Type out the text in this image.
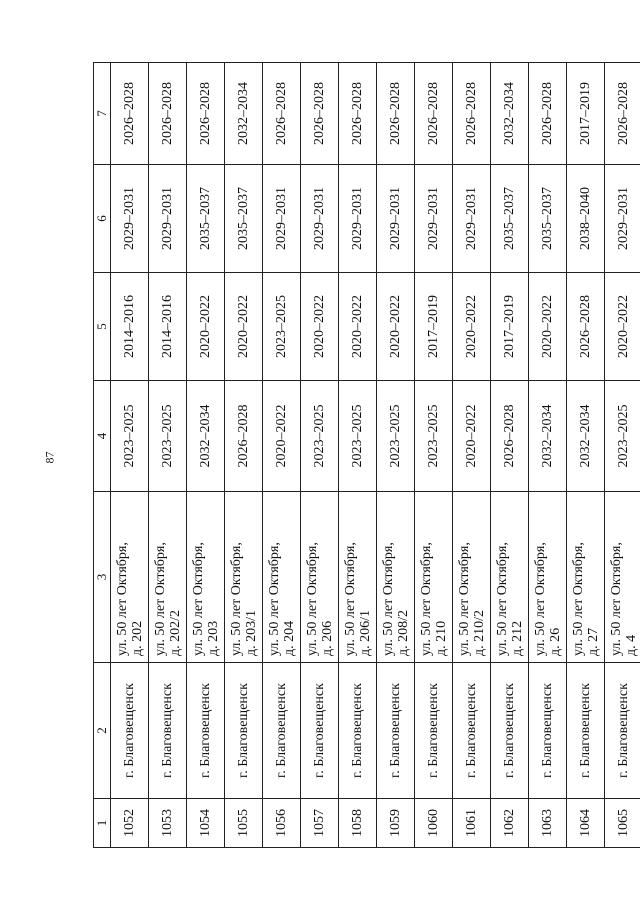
87
1	2	3	4	5	6	7
1052	г. Благовещенск	ул. 50 лет Октября, д. 202	2023–2025	2014–2016	2029–2031	2026–2028
1053	г. Благовещенск	ул. 50 лет Октября, д. 202/2	2023–2025	2014–2016	2029–2031	2026–2028
1054	г. Благовещенск	ул. 50 лет Октября, д. 203	2032–2034	2020–2022	2035–2037	2026–2028
1055	г. Благовещенск	ул. 50 лет Октября, д. 203/1	2026–2028	2020–2022	2035–2037	2032–2034
1056	г. Благовещенск	ул. 50 лет Октября, д. 204	2020–2022	2023–2025	2029–2031	2026–2028
1057	г. Благовещенск	ул. 50 лет Октября, д. 206	2023–2025	2020–2022	2029–2031	2026–2028
1058	г. Благовещенск	ул. 50 лет Октября, д. 206/1	2023–2025	2020–2022	2029–2031	2026–2028
1059	г. Благовещенск	ул. 50 лет Октября, д. 208/2	2023–2025	2020–2022	2029–2031	2026–2028
1060	г. Благовещенск	ул. 50 лет Октября, д. 210	2023–2025	2017–2019	2029–2031	2026–2028
1061	г. Благовещенск	ул. 50 лет Октября, д. 210/2	2020–2022	2020–2022	2029–2031	2026–2028
1062	г. Благовещенск	ул. 50 лет Октября, д. 212	2026–2028	2017–2019	2035–2037	2032–2034
1063	г. Благовещенск	ул. 50 лет Октября, д. 26	2032–2034	2020–2022	2035–2037	2026–2028
1064	г. Благовещенск	ул. 50 лет Октября, д. 27	2032–2034	2026–2028	2038–2040	2017–2019
1065	г. Благовещенск	ул. 50 лет Октября, д. 4	2023–2025	2020–2022	2029–2031	2026–2028
